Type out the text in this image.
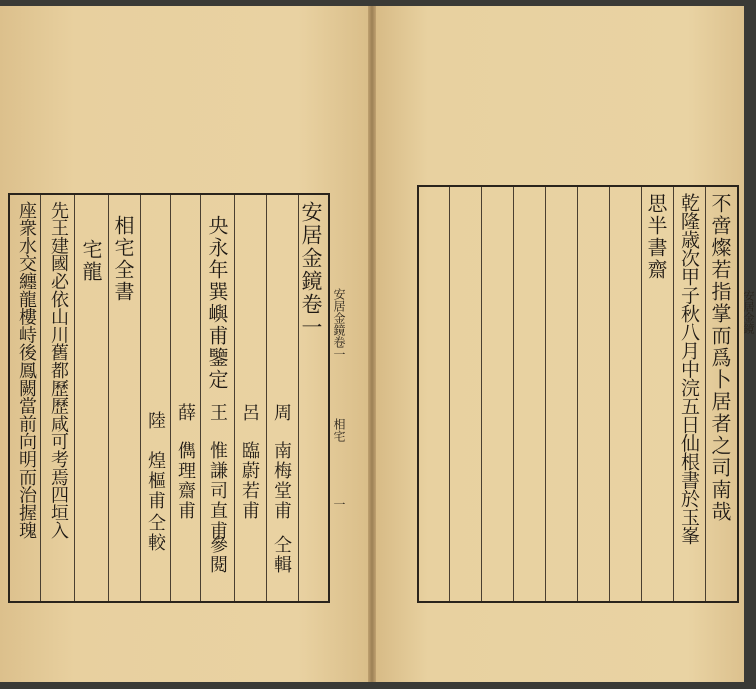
安居金鏡卷一
周
南梅堂甫
仝輯
呂
臨蔚若甫
央永年巽嶼甫鑒定
王
惟謙司直甫
參閱
薛
儁理齋甫
相宅全書
陸
煌樞甫
仝較
宅龍
先王建國必依山川舊都歷歷咸可考焉四垣入
座衆水交纏龍樓峙後鳳闕當前向明而治握瑰	安居金鏡卷一
相宅
一	不啻燦若指掌而爲卜居者之司南哉
乾隆歳次甲子秋八月中浣五日仙根書於玉峯
思半書齋
安居金鏡
